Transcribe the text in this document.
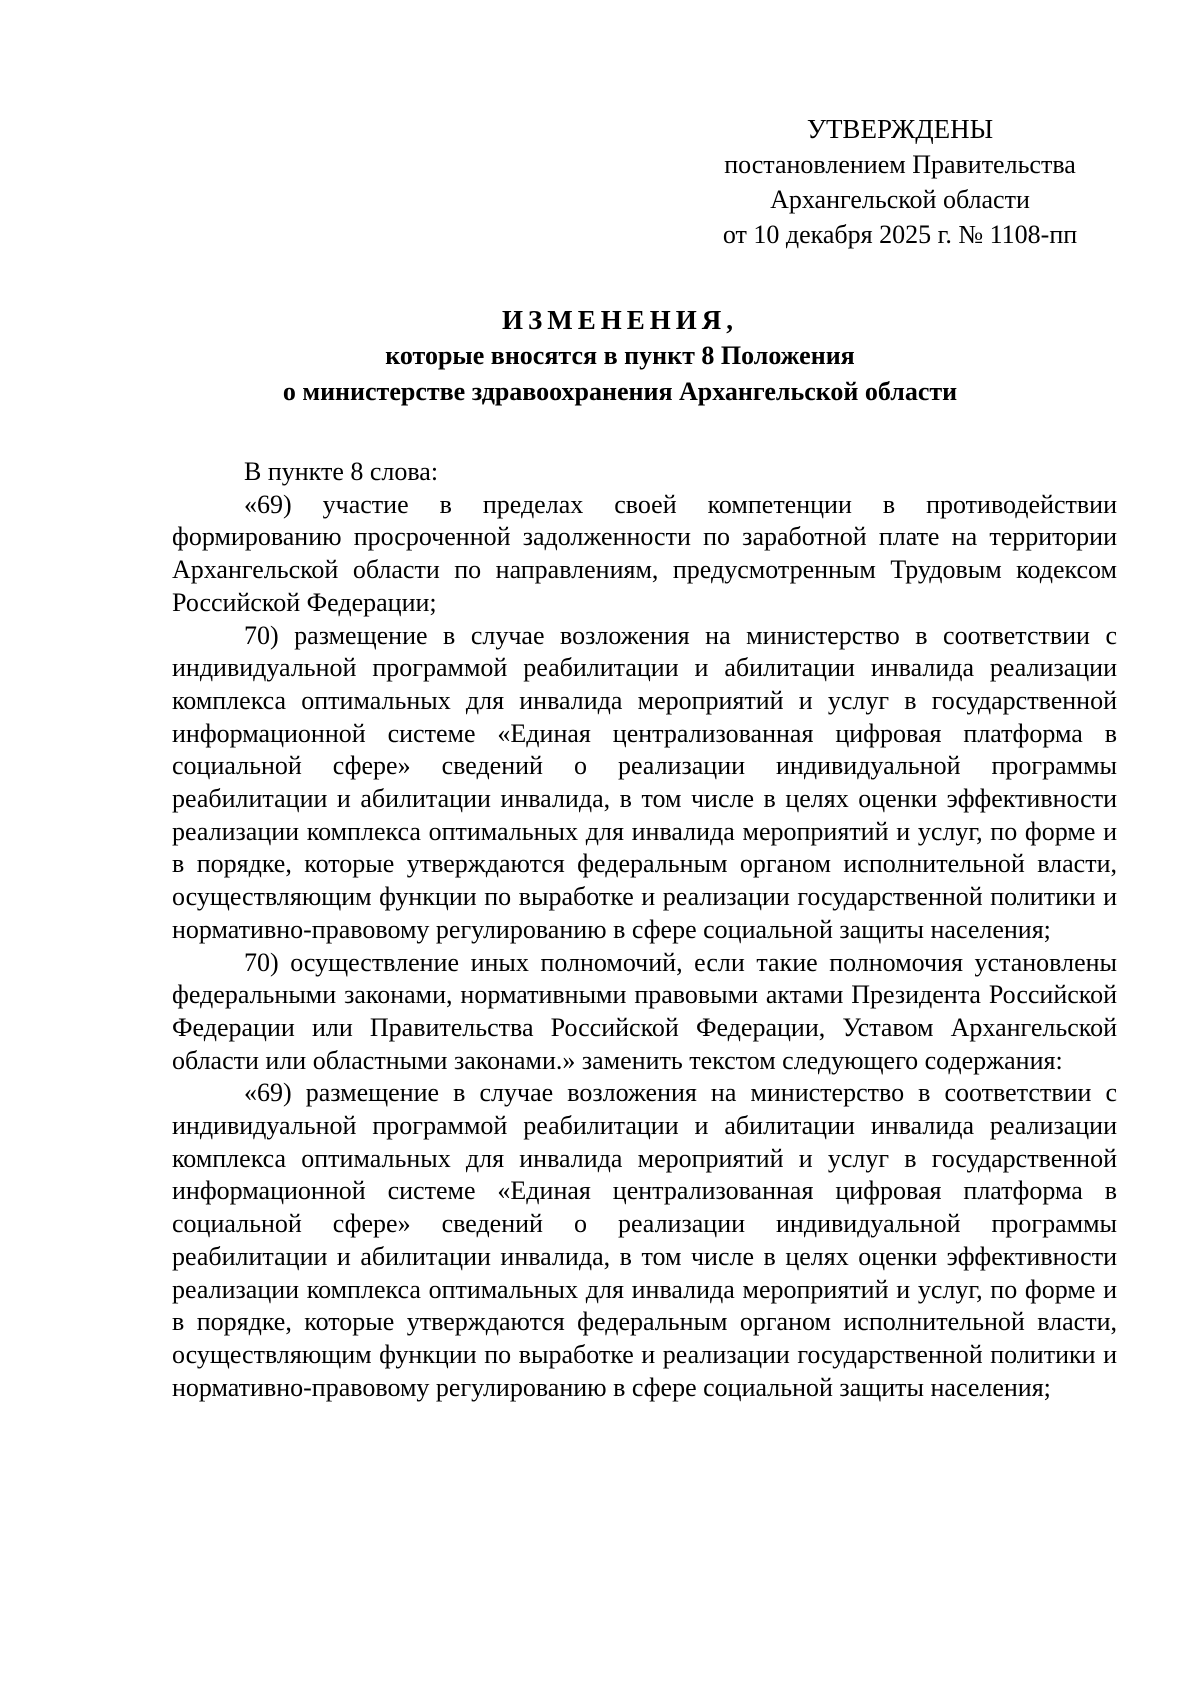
УТВЕРЖДЕНЫ
постановлением Правительства
Архангельской области
от 10 декабря 2025 г. № 1108-пп
ИЗМЕНЕНИЯ,
которые вносятся в пункт 8 Положения
о министерстве здравоохранения Архангельской области

В пункте 8 слова:

«69) участие в пределах своей компетенции в противодействии формированию просроченной задолженности по заработной плате на территории Архангельской области по направлениям, предусмотренным Трудовым кодексом Российской Федерации;

70) размещение в случае возложения на министерство в соответствии с индивидуальной программой реабилитации и абилитации инвалида реализации комплекса оптимальных для инвалида мероприятий и услуг в государственной информационной системе «Единая централизованная цифровая платформа в социальной сфере» сведений о реализации индивидуальной программы реабилитации и абилитации инвалида, в том числе в целях оценки эффективности реализации комплекса оптимальных для инвалида мероприятий и услуг, по форме и в порядке, которые утверждаются федеральным органом исполнительной власти, осуществляющим функции по выработке и реализации государственной политики и нормативно-правовому регулированию в сфере социальной защиты населения;

70) осуществление иных полномочий, если такие полномочия установлены федеральными законами, нормативными правовыми актами Президента Российской Федерации или Правительства Российской Федерации, Уставом Архангельской области или областными законами.» заменить текстом следующего содержания:

«69) размещение в случае возложения на министерство в соответствии с индивидуальной программой реабилитации и абилитации инвалида реализации комплекса оптимальных для инвалида мероприятий и услуг в государственной информационной системе «Единая централизованная цифровая платформа в социальной сфере» сведений о реализации индивидуальной программы реабилитации и абилитации инвалида, в том числе в целях оценки эффективности реализации комплекса оптимальных для инвалида мероприятий и услуг, по форме и в порядке, которые утверждаются федеральным органом исполнительной власти, осуществляющим функции по выработке и реализации государственной политики и нормативно-правовому регулированию в сфере социальной защиты населения;
